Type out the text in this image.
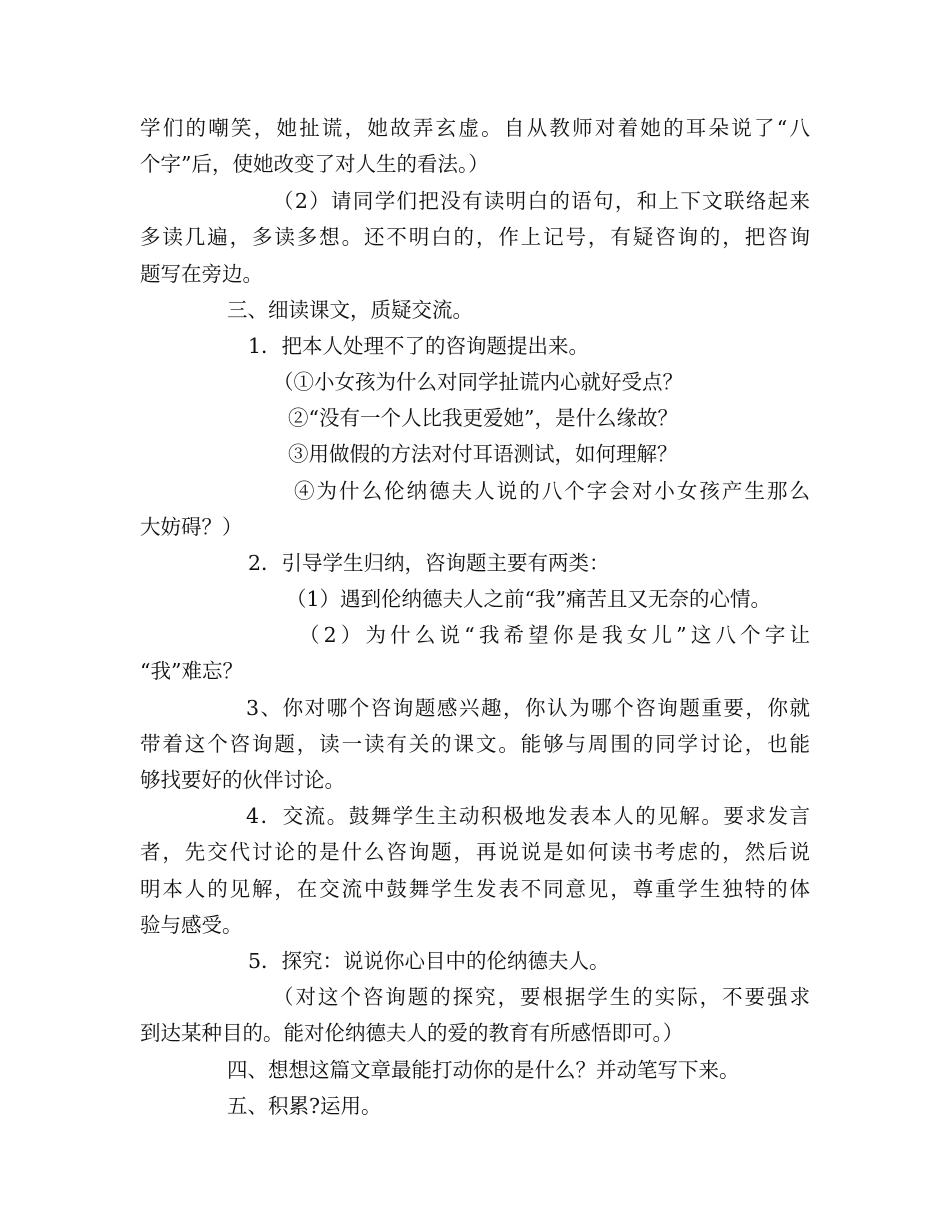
学们的嘲笑，她扯谎，她故弄玄虚。自从教师对着她的耳朵说了“八
个字”后，使她改变了对人生的看法。）
（2）请同学们把没有读明白的语句，和上下文联络起来
多读几遍，多读多想。还不明白的，作上记号，有疑咨询的，把咨询
题写在旁边。
三、细读课文，质疑交流。
1．把本人处理不了的咨询题提出来。
（①小女孩为什么对同学扯谎内心就好受点？
②“没有一个人比我更爱她”，是什么缘故？
③用做假的方法对付耳语测试，如何理解？
④为什么伦纳德夫人说的八个字会对小女孩产生那么
大妨碍？）
2．引导学生归纳，咨询题主要有两类：
（1）遇到伦纳德夫人之前“我”痛苦且又无奈的心情。
（2）为什么说“我希望你是我女儿”这八个字让
“我”难忘？
3、你对哪个咨询题感兴趣，你认为哪个咨询题重要，你就
带着这个咨询题，读一读有关的课文。能够与周围的同学讨论，也能
够找要好的伙伴讨论。
4．交流。鼓舞学生主动积极地发表本人的见解。要求发言
者，先交代讨论的是什么咨询题，再说说是如何读书考虑的，然后说
明本人的见解，在交流中鼓舞学生发表不同意见，尊重学生独特的体
验与感受。
5．探究：说说你心目中的伦纳德夫人。
（对这个咨询题的探究，要根据学生的实际，不要强求
到达某种目的。能对伦纳德夫人的爱的教育有所感悟即可。）
四、想想这篇文章最能打动你的是什么？并动笔写下来。
五、积累?运用。
